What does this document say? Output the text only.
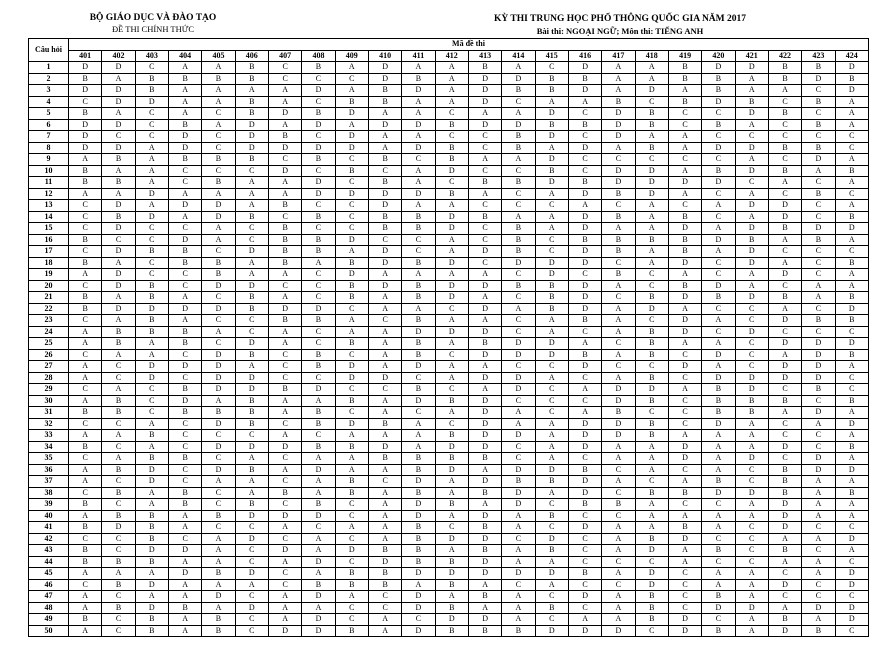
BỘ GIÁO DỤC VÀ ĐÀO TẠO
ĐỀ THI CHÍNH THỨC
KỲ THI TRUNG HỌC PHỔ THÔNG QUỐC GIA NĂM 2017
Bài thi: NGOẠI NGỮ; Môn thi: TIẾNG ANH
Câu hỏi	Mã đề thi																							
	401	402	403	404	405	406	407	408	409	410	411	412	413	414	415	416	417	418	419	420	421	422	423	424
1	D	D	C	A	A	B	C	B	A	D	A	A	B	A	C	D	A	A	B	D	D	B	B	D
2	B	A	B	B	B	B	C	C	C	D	B	A	D	D	B	B	A	A	B	B	A	B	D	B
3	D	D	B	A	A	A	A	D	A	B	D	A	D	B	B	D	A	D	A	B	A	A	C	D
4	C	D	D	A	A	B	A	C	B	B	A	A	D	C	A	A	B	C	B	D	B	C	B	A
5	B	A	C	A	C	B	D	B	D	A	A	C	A	A	D	C	D	B	C	C	D	B	C	A
6	D	D	C	B	A	D	A	D	A	D	D	B	D	D	B	B	D	B	C	B	A	C	B	A
7	D	C	C	D	C	D	B	C	D	A	A	C	C	B	D	C	D	A	A	C	C	C	C	C
8	D	D	A	D	C	D	D	D	D	A	D	B	C	B	A	D	A	B	A	D	D	B	B	C
9	A	B	A	B	B	B	C	B	C	B	C	B	A	A	D	C	C	C	C	C	A	C	D	A
10	B	A	A	C	C	C	D	C	B	C	A	D	C	C	B	C	D	D	A	B	D	B	A	B
11	B	B	A	C	B	A	A	D	C	B	A	C	B	B	D	B	D	D	D	D	C	A	C	A
12	A	A	D	A	A	A	A	D	D	D	D	B	A	C	A	D	B	D	A	C	A	C	B	C
13	C	D	A	D	D	A	B	C	C	D	A	A	C	C	C	A	C	A	C	A	D	D	C	A
14	C	B	D	A	D	B	C	B	C	B	B	D	B	A	A	D	B	A	B	C	A	D	C	B
15	C	D	C	C	A	C	B	C	C	B	B	D	C	B	A	D	A	A	D	A	D	B	D	D
16	B	C	C	D	A	C	B	B	D	C	C	A	C	B	C	B	B	B	B	D	B	A	B	A
17	C	D	B	B	C	D	B	B	A	D	C	A	D	B	C	D	B	A	B	A	D	C	C	C
18	B	A	C	B	B	A	B	A	B	D	B	D	C	D	D	D	C	A	D	C	D	A	C	B
19	A	D	C	C	B	A	A	C	D	A	A	A	A	C	D	C	B	C	A	C	A	D	C	A
20	C	D	B	C	D	D	C	C	B	D	B	D	D	B	B	D	A	C	B	D	A	C	A	A
21	B	A	B	A	C	B	A	C	B	A	B	D	A	C	B	D	C	B	D	B	D	B	A	B
22	B	D	D	D	D	B	D	D	C	A	A	C	D	A	B	D	A	D	A	C	C	A	C	D
23	C	A	B	A	C	C	B	B	A	C	B	A	A	C	A	B	A	C	D	A	C	D	B	B
24	A	B	B	B	A	C	A	C	A	A	D	D	D	C	A	C	A	B	D	C	D	C	C	C
25	A	B	A	B	C	D	A	C	B	A	B	A	B	D	D	A	C	B	A	A	C	D	D	D
26	C	A	A	C	D	B	C	B	C	A	B	C	D	D	D	B	A	B	C	D	C	A	D	B
27	A	C	D	D	D	A	C	B	D	A	D	A	A	C	C	D	C	C	D	A	C	D	D	A
28	A	C	D	C	D	D	C	C	D	D	C	A	D	D	A	C	A	B	C	D	D	D	D	C
29	C	A	C	B	D	D	B	D	C	C	B	C	A	D	C	A	D	D	A	B	D	C	B	C
30	A	B	C	D	A	B	A	A	B	A	D	B	D	C	C	C	D	B	C	B	B	B	C	B
31	B	B	C	B	B	B	A	B	C	A	C	A	D	A	C	A	B	C	C	B	B	A	D	A
32	C	C	A	C	D	B	C	B	D	B	A	C	D	A	A	D	D	B	C	D	A	C	A	D
33	A	A	B	C	C	C	A	C	A	A	A	B	D	D	A	D	D	B	A	A	A	C	C	A
34	B	C	A	C	D	D	D	B	B	D	A	D	D	C	A	D	A	A	D	A	A	D	C	B
35	C	A	B	B	C	A	C	A	A	B	B	B	B	C	A	C	A	A	D	A	D	C	D	A
36	A	B	D	C	D	B	A	D	A	A	B	D	A	D	D	B	C	A	C	A	C	B	D	D
37	A	C	D	C	A	A	C	A	B	C	D	A	D	B	B	D	A	C	A	B	C	B	A	A
38	C	B	A	B	C	A	B	A	B	A	B	A	B	D	A	D	C	B	B	D	D	B	A	B
39	B	C	A	B	C	B	C	B	C	A	D	B	A	D	C	B	B	A	C	C	A	D	A	A
40	A	B	B	A	B	D	D	D	C	A	D	A	D	A	B	C	C	A	A	A	A	D	A	A
41	B	D	B	A	C	C	A	C	A	A	B	C	B	A	C	D	A	A	B	A	C	D	C	C
42	C	C	B	C	A	D	C	A	C	A	B	D	D	C	D	C	A	B	D	C	C	A	A	D
43	B	C	D	D	A	C	D	A	D	B	B	A	B	A	B	C	A	D	A	B	C	B	C	A
44	B	B	B	A	A	C	A	D	C	D	B	B	D	A	A	C	C	C	A	C	C	A	A	C
45	A	A	A	D	B	D	C	A	B	B	D	D	D	D	D	B	A	D	C	A	A	C	A	D
46	C	B	D	A	A	A	C	B	B	B	A	B	A	C	A	C	C	D	C	A	A	D	C	D
47	A	C	A	A	D	C	A	D	A	C	D	A	B	A	C	D	A	B	C	B	A	C	C	C
48	A	B	D	B	A	D	A	A	C	C	D	B	A	A	B	C	A	B	C	D	D	A	D	D
49	B	C	B	A	B	C	A	D	C	A	C	D	D	A	C	A	A	B	D	C	A	B	A	D
50	A	C	B	A	B	C	D	D	B	A	D	B	B	B	D	D	D	C	D	B	A	D	B	C
